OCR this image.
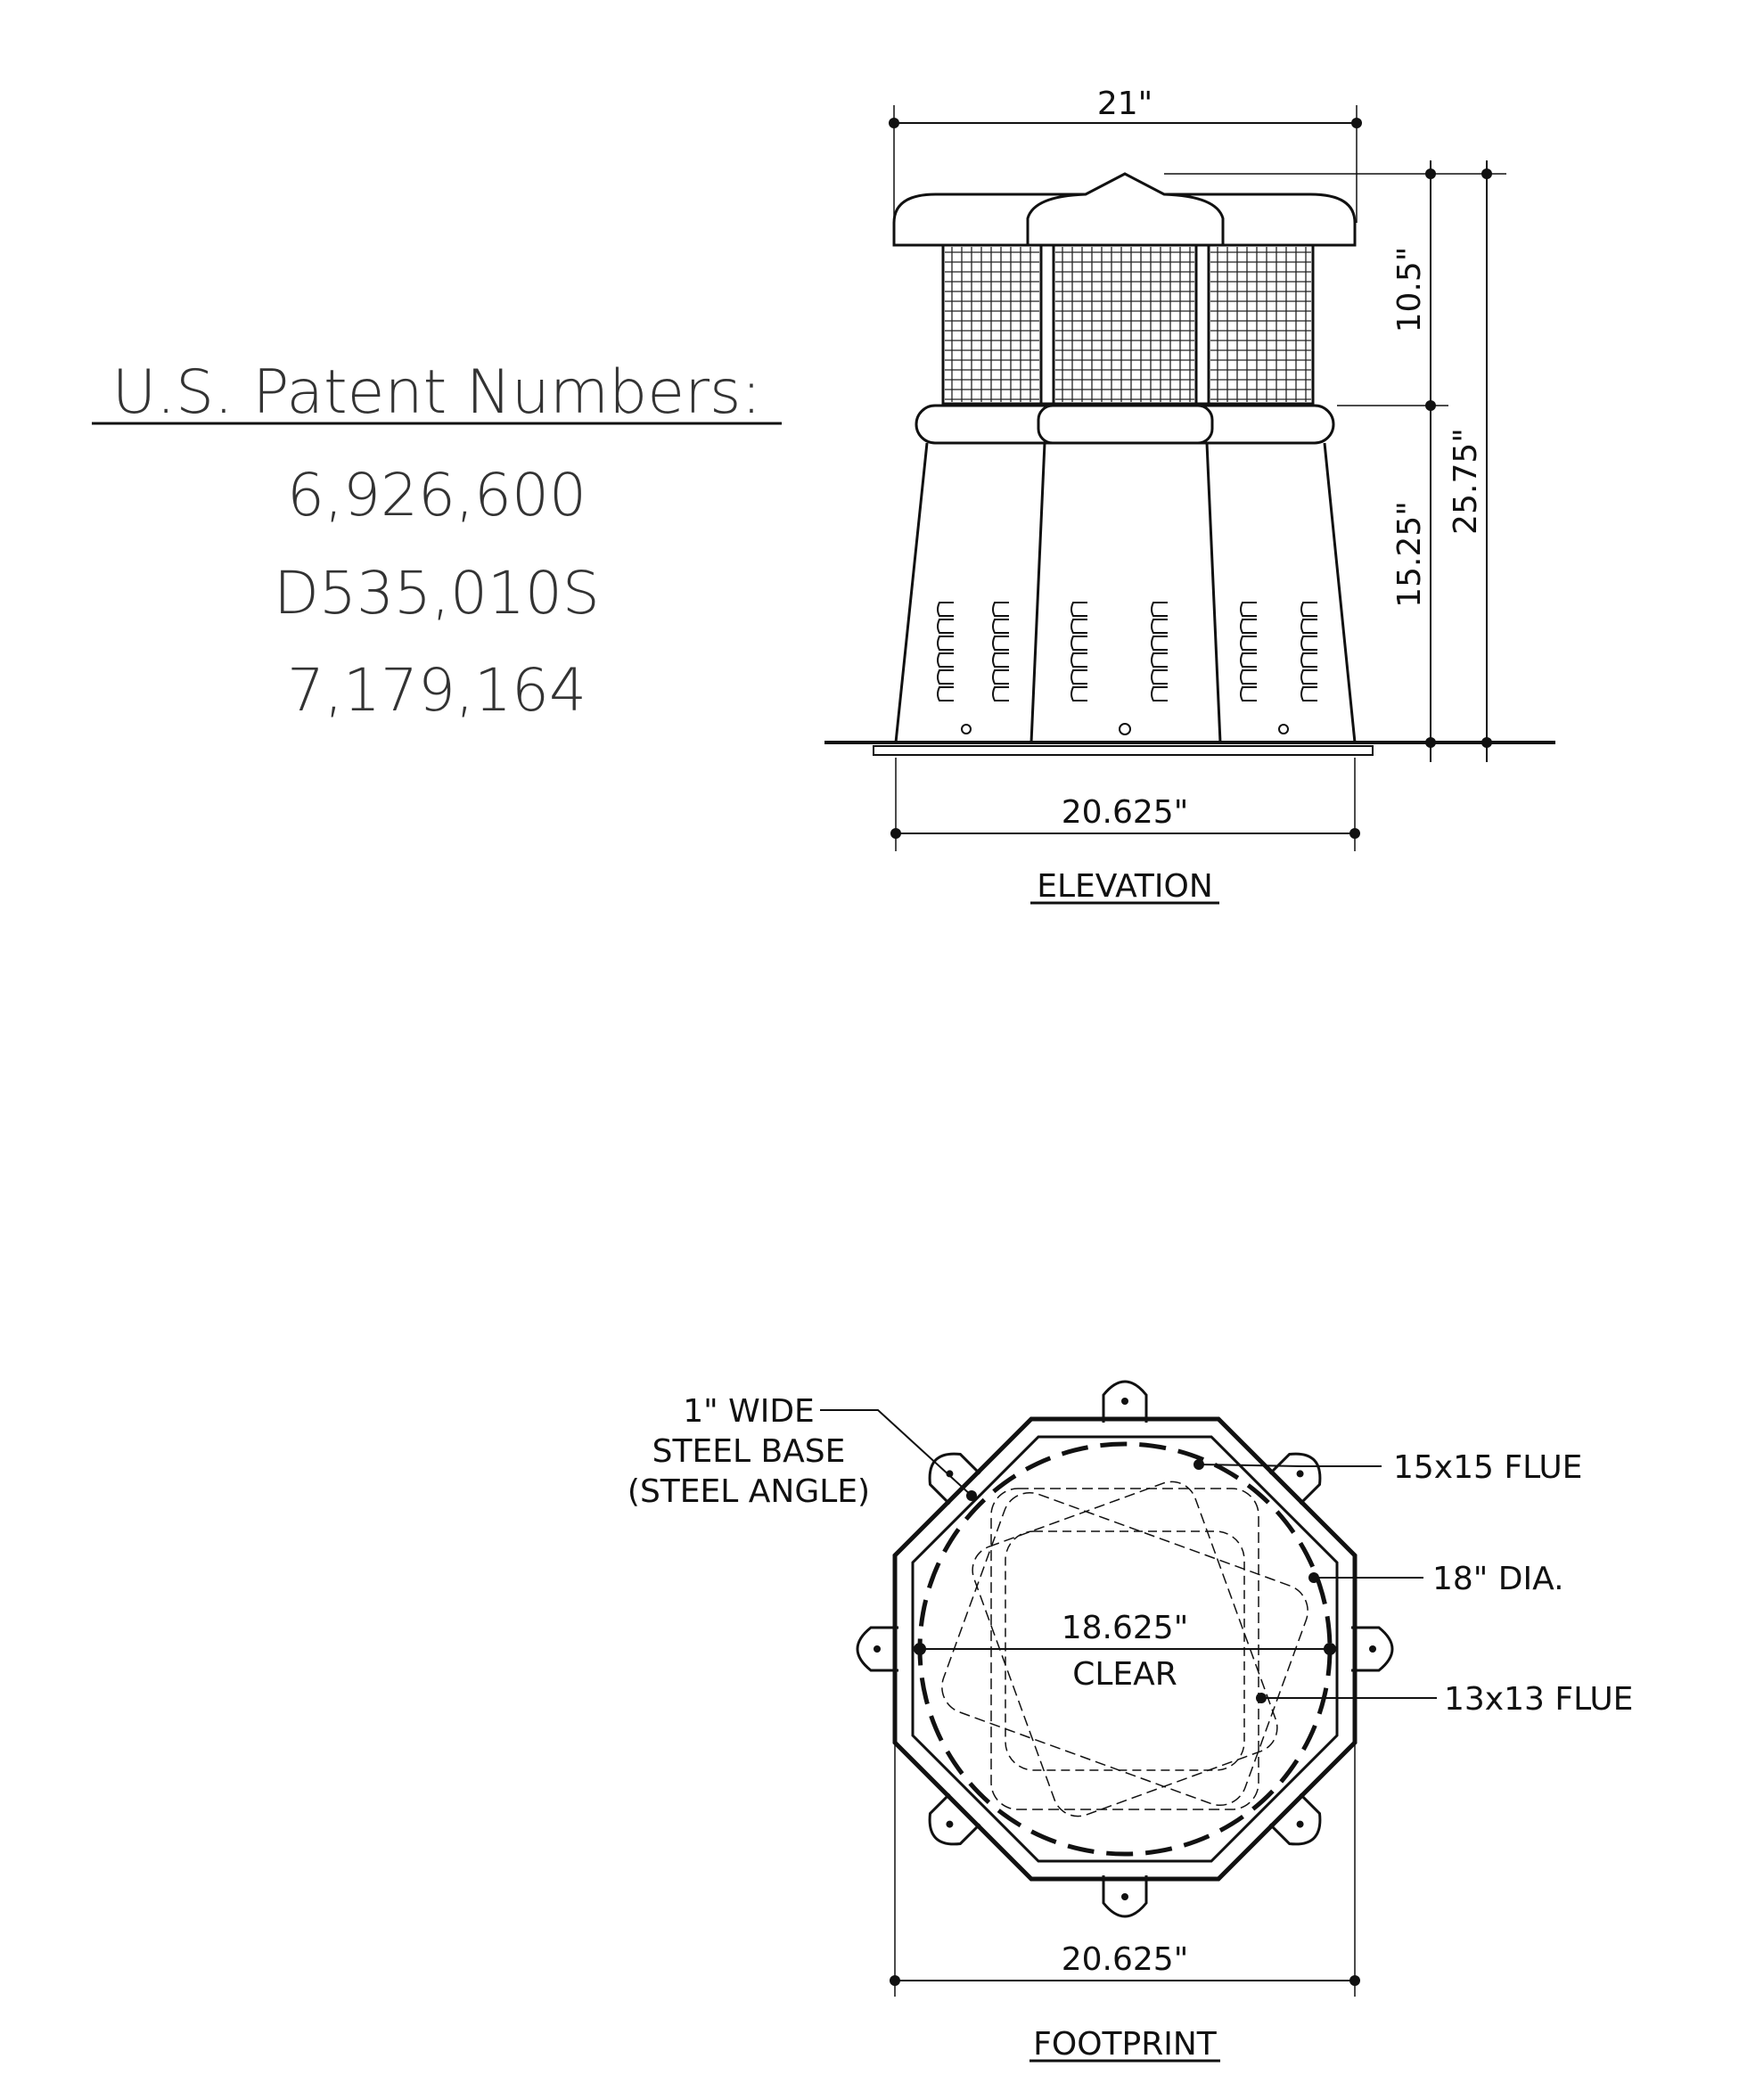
U.S. Patent Numbers:
6,926,600
D535,010S
7,179,164
21"
10.5"
15.25"
25.75"
20.625"
ELEVATION
18.625"
CLEAR
1" WIDE
STEEL BASE
(STEEL ANGLE)
15x15 FLUE
18" DIA.
13x13 FLUE
20.625"
FOOTPRINT
